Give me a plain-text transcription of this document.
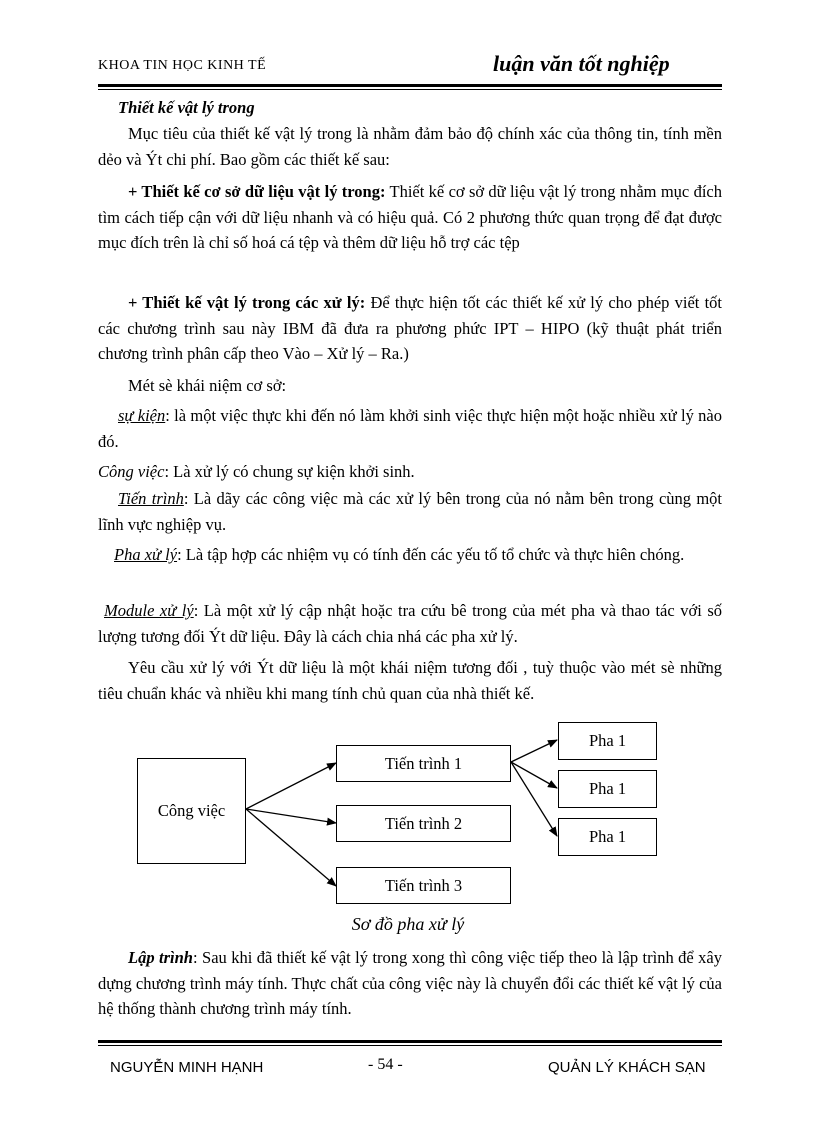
KHOA TIN HỌC KINH TẾ	luận văn tốt nghiệp
Thiết kế vật lý trong
Mục tiêu của thiết kế vật lý trong là nhằm đảm bảo độ chính xác của thông tin, tính mền dẻo và Ýt chi phí. Bao gồm các thiết kế sau:
+ Thiết kế cơ sở dữ liệu vật lý trong: Thiết kế cơ sở dữ liệu vật lý trong nhằm mục đích tìm cách tiếp cận với dữ liệu nhanh và có hiệu quả. Có 2 phương thức quan trọng để đạt được mục đích trên là chỉ số hoá cá tệp và thêm dữ liệu hỗ trợ các tệp
+ Thiết kế vật lý trong các xử lý: Để thực hiện tốt các thiết kế xử lý cho phép viết tốt các chương trình sau này IBM đã đưa ra phương phức IPT – HIPO (kỹ thuật phát triển chương trình phân cấp theo Vào – Xử lý – Ra.)
Mét sè khái niệm cơ sở:
sự kiện: là một việc thực khi đến nó làm khởi sinh việc thực hiện một hoặc nhiều xử lý nào đó.
Công việc: Là xử lý có chung sự kiện khởi sinh.
Tiến trình: Là dãy các công việc mà các xử lý bên trong của nó nằm bên trong cùng một lĩnh vực nghiệp vụ.
Pha xử lý: Là tập hợp các nhiệm vụ có tính đến các yếu tố tổ chức và thực hiên chóng.
Module xử lý: Là một xử lý cập nhật hoặc tra cứu bê trong của mét pha và thao tác với số lượng tương đối Ýt dữ liệu. Đây là cách chia nhá các pha xử lý.
Yêu cầu xử lý với Ýt dữ liệu là một khái niệm tương đối , tuỳ thuộc vào mét sè những tiêu chuẩn khác và nhiều khi mang tính chủ quan của nhà thiết kế.
Công việc
Tiến trình 1
Tiến trình 2
Tiến trình 3
Pha 1
Pha 1
Pha 1
Sơ đồ pha xử lý
Lập trình: Sau khi đã thiết kế vật lý trong xong thì công việc tiếp theo là lập trình để xây dựng chương trình máy tính. Thực chất của công việc này là chuyển đổi các thiết kế vật lý của hệ thống thành chương trình máy tính.
NGUYỄN MINH HẠNH	- 54 -	QUẢN LÝ KHÁCH SẠN
